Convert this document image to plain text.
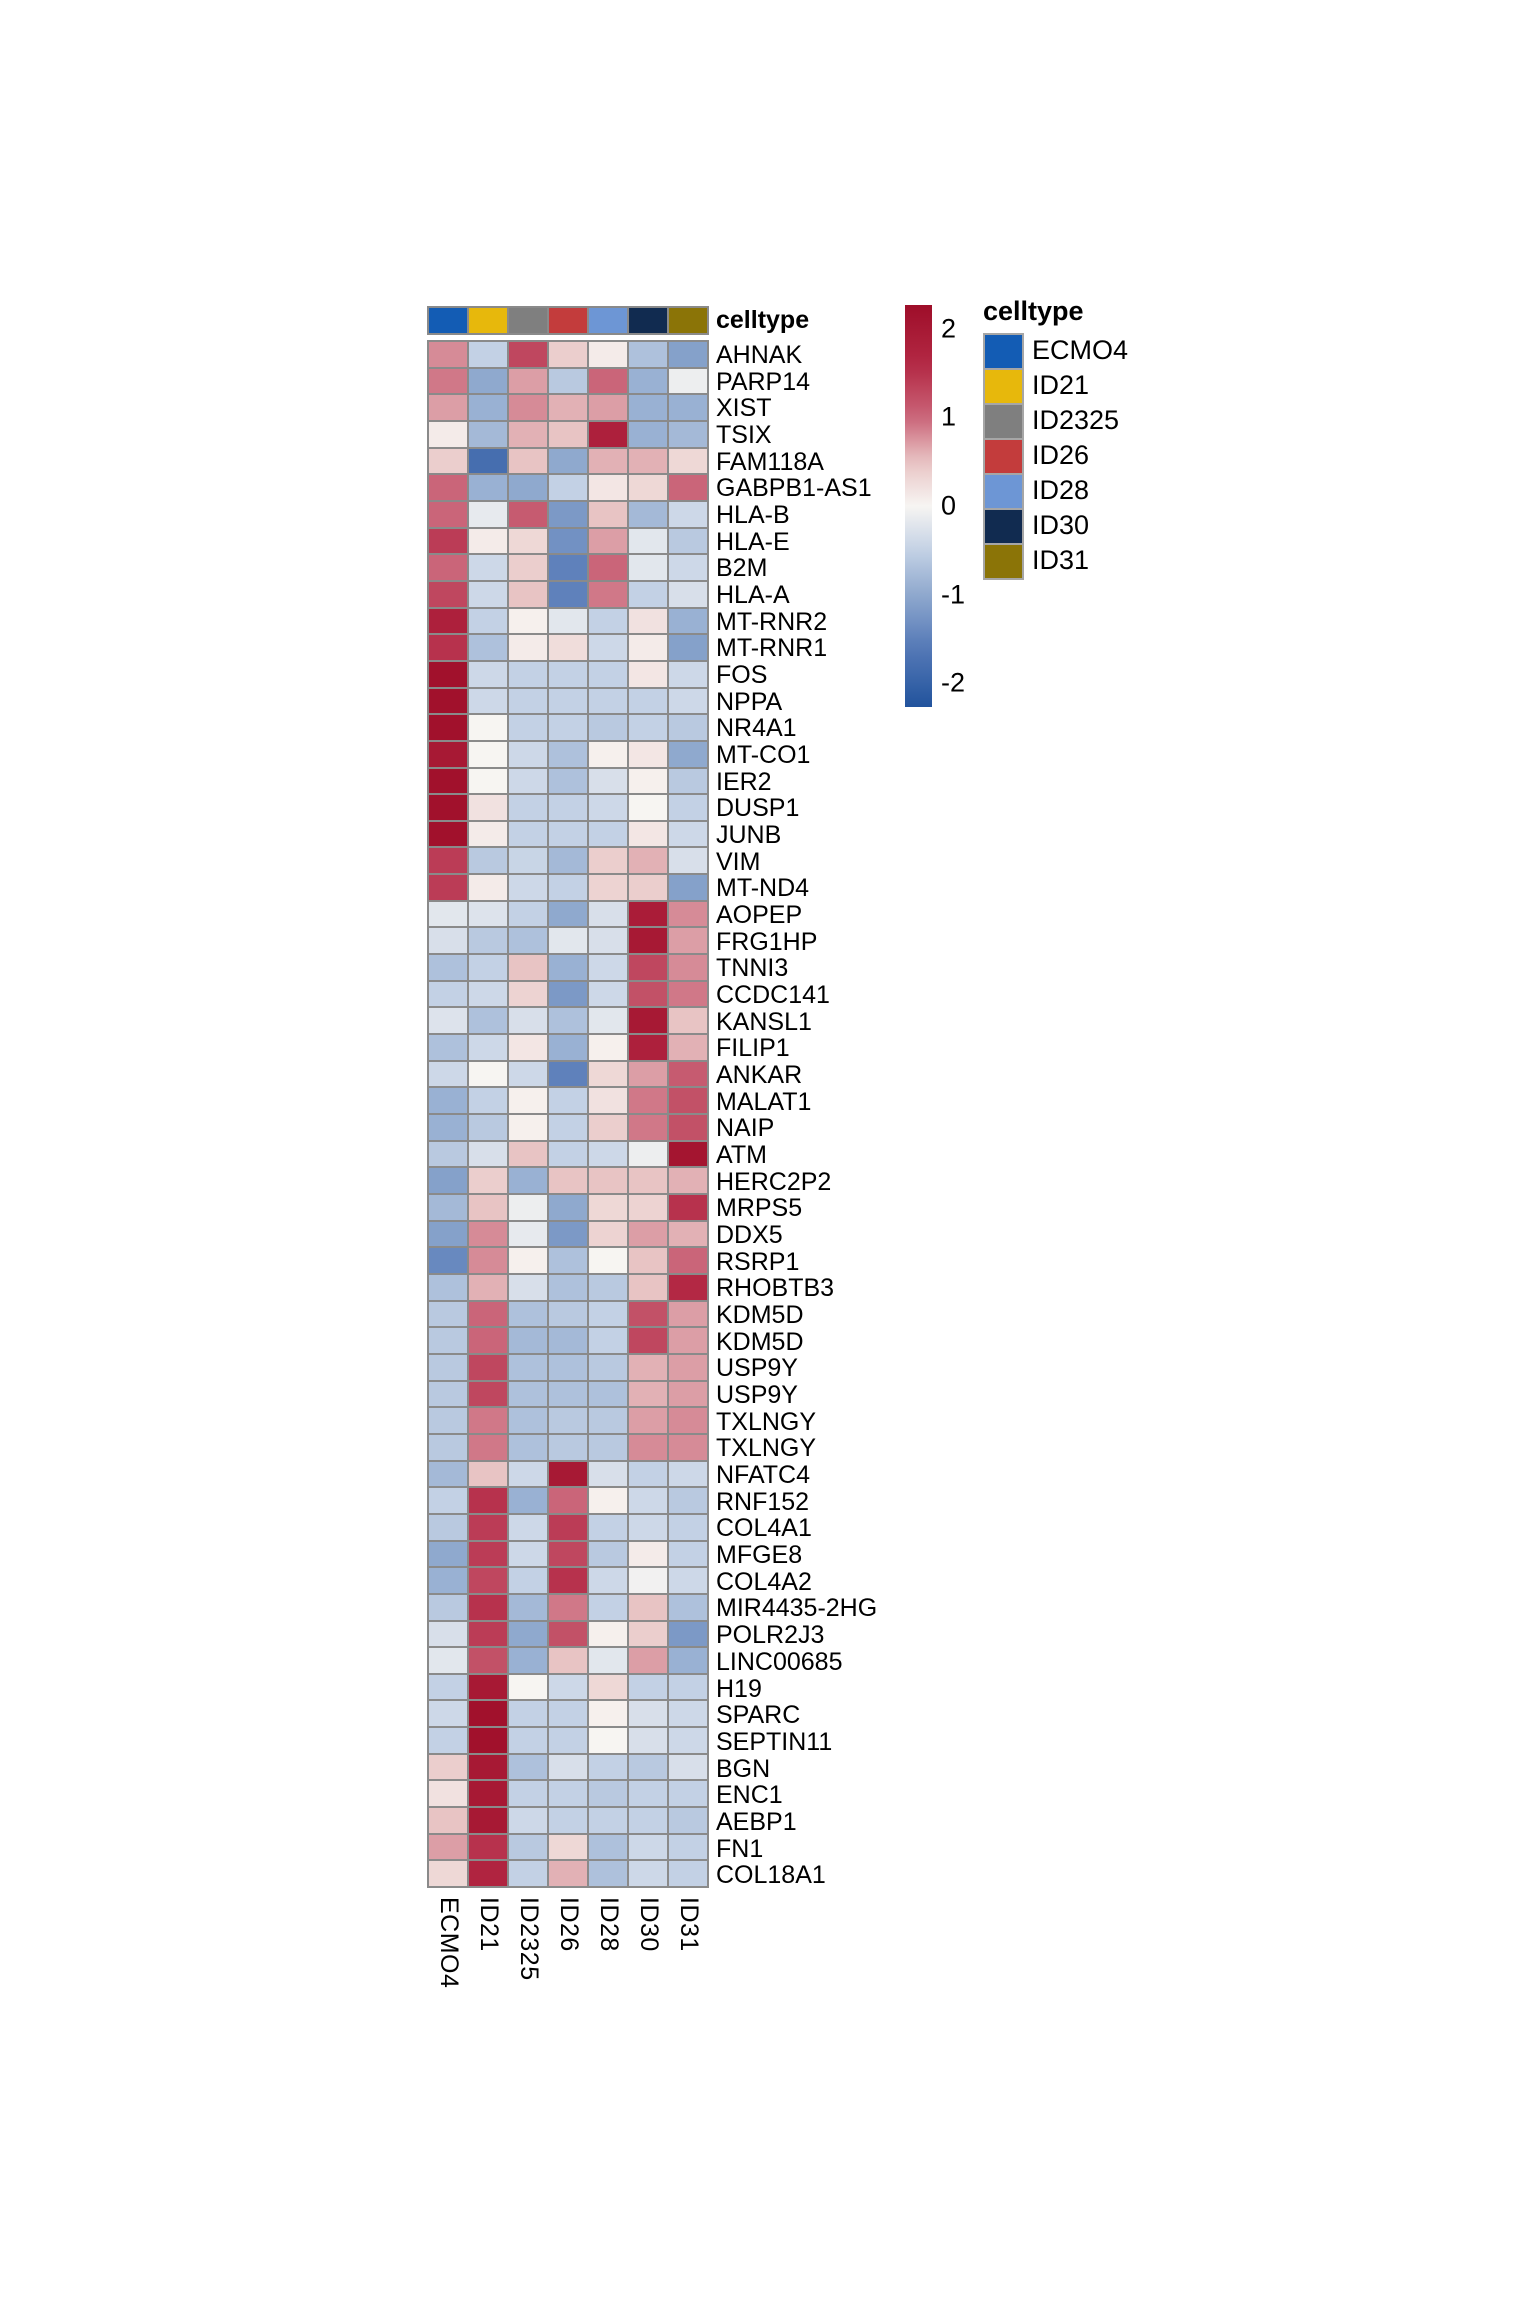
celltype
AHNAK
PARP14
XIST
TSIX
FAM118A
GABPB1-AS1
HLA-B
HLA-E
B2M
HLA-A
MT-RNR2
MT-RNR1
FOS
NPPA
NR4A1
MT-CO1
IER2
DUSP1
JUNB
VIM
MT-ND4
AOPEP
FRG1HP
TNNI3
CCDC141
KANSL1
FILIP1
ANKAR
MALAT1
NAIP
ATM
HERC2P2
MRPS5
DDX5
RSRP1
RHOBTB3
KDM5D
KDM5D
USP9Y
USP9Y
TXLNGY
TXLNGY
NFATC4
RNF152
COL4A1
MFGE8
COL4A2
MIR4435-2HG
POLR2J3
LINC00685
H19
SPARC
SEPTIN11
BGN
ENC1
AEBP1
FN1
COL18A1
ECMO4 ID21 ID2325 ID26 ID28 ID30 ID31
2
1
0
-1
-2
celltype
ECMO4
ID21
ID2325
ID26
ID28
ID30
ID31
